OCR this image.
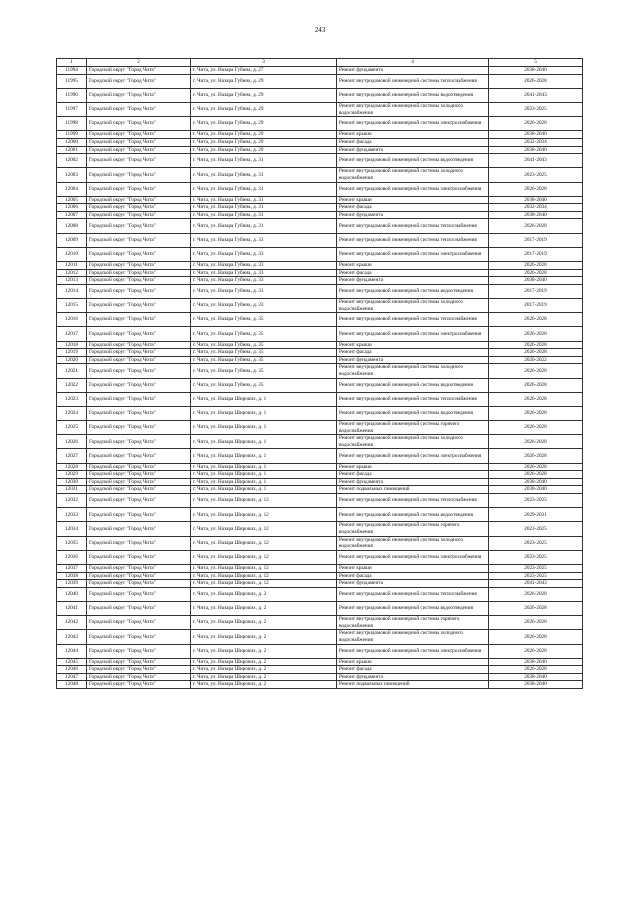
243
1	2	3	4	5
11994	Городской округ "Город Чита"	г. Чита, ул. Назара Губина, д. 27	Ремонт фундамента	2038-2040
11995	Городской округ "Город Чита"	г. Чита, ул. Назара Губина, д. 29	Ремонт внутридомовой инженерной системы теплоснабжения	2026-2028
11996	Городской округ "Город Чита"	г. Чита, ул. Назара Губина, д. 29	Ремонт внутридомовой инженерной системы водоотведения	2041-2043
11997	Городской округ "Город Чита"	г. Чита, ул. Назара Губина, д. 29	Ремонт внутридомовой инженерной системы холодного водоснабжения	2023-2025
11998	Городской округ "Город Чита"	г. Чита, ул. Назара Губина, д. 29	Ремонт внутридомовой инженерной системы электроснабжения	2026-2028
11999	Городской округ "Город Чита"	г. Чита, ул. Назара Губина, д. 29	Ремонт крыши	2038-2040
12000	Городской округ "Город Чита"	г. Чита, ул. Назара Губина, д. 29	Ремонт фасада	2032-2034
12001	Городской округ "Город Чита"	г. Чита, ул. Назара Губина, д. 29	Ремонт фундамента	2038-2040
12002	Городской округ "Город Чита"	г. Чита, ул. Назара Губина, д. 31	Ремонт внутридомовой инженерной системы водоотведения	2041-2043
12003	Городской округ "Город Чита"	г. Чита, ул. Назара Губина, д. 31	Ремонт внутридомовой инженерной системы холодного водоснабжения	2023-2025
12004	Городской округ "Город Чита"	г. Чита, ул. Назара Губина, д. 31	Ремонт внутридомовой инженерной системы электроснабжения	2026-2028
12005	Городской округ "Город Чита"	г. Чита, ул. Назара Губина, д. 31	Ремонт крыши	2038-2040
12006	Городской округ "Город Чита"	г. Чита, ул. Назара Губина, д. 31	Ремонт фасада	2032-2034
12007	Городской округ "Город Чита"	г. Чита, ул. Назара Губина, д. 31	Ремонт фундамента	2038-2040
12008	Городской округ "Город Чита"	г. Чита, ул. Назара Губина, д. 31	Ремонт внутридомовой инженерной системы теплоснабжения	2026-2028
12009	Городской округ "Город Чита"	г. Чита, ул. Назара Губина, д. 33	Ремонт внутридомовой инженерной системы теплоснабжения	2017-2019
12010	Городской округ "Город Чита"	г. Чита, ул. Назара Губина, д. 33	Ремонт внутридомовой инженерной системы электроснабжения	2017-2019
12011	Городской округ "Город Чита"	г. Чита, ул. Назара Губина, д. 33	Ремонт крыши	2026-2028
12012	Городской округ "Город Чита"	г. Чита, ул. Назара Губина, д. 33	Ремонт фасада	2026-2028
12013	Городской округ "Город Чита"	г. Чита, ул. Назара Губина, д. 33	Ремонт фундамента	2038-2040
12014	Городской округ "Город Чита"	г. Чита, ул. Назара Губина, д. 33	Ремонт внутридомовой инженерной системы водоотведения	2017-2019
12015	Городской округ "Город Чита"	г. Чита, ул. Назара Губина, д. 33	Ремонт внутридомовой инженерной системы холодного водоснабжения	2017-2019
12016	Городской округ "Город Чита"	г. Чита, ул. Назара Губина, д. 35	Ремонт внутридомовой инженерной системы теплоснабжения	2026-2028
12017	Городской округ "Город Чита"	г. Чита, ул. Назара Губина, д. 35	Ремонт внутридомовой инженерной системы электроснабжения	2026-2028
12018	Городской округ "Город Чита"	г. Чита, ул. Назара Губина, д. 35	Ремонт крыши	2026-2028
12019	Городской округ "Город Чита"	г. Чита, ул. Назара Губина, д. 35	Ремонт фасада	2026-2028
12020	Городской округ "Город Чита"	г. Чита, ул. Назара Губина, д. 35	Ремонт фундамента	2020-2022
12021	Городской округ "Город Чита"	г. Чита, ул. Назара Губина, д. 35	Ремонт внутридомовой инженерной системы холодного водоснабжения	2026-2028
12022	Городской округ "Город Чита"	г. Чита, ул. Назара Губина, д. 35	Ремонт внутридомовой инженерной системы водоотведения	2026-2028
12023	Городской округ "Город Чита"	г. Чита, ул. Назара Широких, д. 1	Ремонт внутридомовой инженерной системы теплоснабжения	2026-2028
12024	Городской округ "Город Чита"	г. Чита, ул. Назара Широких, д. 1	Ремонт внутридомовой инженерной системы водоотведения	2026-2028
12025	Городской округ "Город Чита"	г. Чита, ул. Назара Широких, д. 1	Ремонт внутридомовой инженерной системы горячего водоснабжения	2026-2028
12026	Городской округ "Город Чита"	г. Чита, ул. Назара Широких, д. 1	Ремонт внутридомовой инженерной системы холодного водоснабжения	2026-2028
12027	Городской округ "Город Чита"	г. Чита, ул. Назара Широких, д. 1	Ремонт внутридомовой инженерной системы электроснабжения	2026-2028
12028	Городской округ "Город Чита"	г. Чита, ул. Назара Широких, д. 1	Ремонт крыши	2026-2028
12029	Городской округ "Город Чита"	г. Чита, ул. Назара Широких, д. 1	Ремонт фасада	2026-2028
12030	Городской округ "Город Чита"	г. Чита, ул. Назара Широких, д. 1	Ремонт фундамента	2038-2040
12031	Городской округ "Город Чита"	г. Чита, ул. Назара Широких, д. 1	Ремонт подвальных помещений	2038-2040
12032	Городской округ "Город Чита"	г. Чита, ул. Назара Широких, д. 12	Ремонт внутридомовой инженерной системы теплоснабжения	2023-2025
12033	Городской округ "Город Чита"	г. Чита, ул. Назара Широких, д. 12	Ремонт внутридомовой инженерной системы водоотведения	2029-2031
12034	Городской округ "Город Чита"	г. Чита, ул. Назара Широких, д. 12	Ремонт внутридомовой инженерной системы горячего водоснабжения	2023-2025
12035	Городской округ "Город Чита"	г. Чита, ул. Назара Широких, д. 12	Ремонт внутридомовой инженерной системы холодного водоснабжения	2023-2025
12036	Городской округ "Город Чита"	г. Чита, ул. Назара Широких, д. 12	Ремонт внутридомовой инженерной системы электроснабжения	2023-2025
12037	Городской округ "Город Чита"	г. Чита, ул. Назара Широких, д. 12	Ремонт крыши	2023-2025
12038	Городской округ "Город Чита"	г. Чита, ул. Назара Широких, д. 12	Ремонт фасада	2023-2025
12039	Городской округ "Город Чита"	г. Чита, ул. Назара Широких, д. 12	Ремонт фундамента	2041-2043
12040	Городской округ "Город Чита"	г. Чита, ул. Назара Широких, д. 2	Ремонт внутридомовой инженерной системы теплоснабжения	2026-2028
12041	Городской округ "Город Чита"	г. Чита, ул. Назара Широких, д. 2	Ремонт внутридомовой инженерной системы водоотведения	2026-2028
12042	Городской округ "Город Чита"	г. Чита, ул. Назара Широких, д. 2	Ремонт внутридомовой инженерной системы горячего водоснабжения	2026-2028
12043	Городской округ "Город Чита"	г. Чита, ул. Назара Широких, д. 2	Ремонт внутридомовой инженерной системы холодного водоснабжения	2026-2028
12044	Городской округ "Город Чита"	г. Чита, ул. Назара Широких, д. 2	Ремонт внутридомовой инженерной системы электроснабжения	2026-2028
12045	Городской округ "Город Чита"	г. Чита, ул. Назара Широких, д. 2	Ремонт крыши	2038-2040
12046	Городской округ "Город Чита"	г. Чита, ул. Назара Широких, д. 2	Ремонт фасада	2026-2028
12047	Городской округ "Город Чита"	г. Чита, ул. Назара Широких, д. 2	Ремонт фундамента	2038-2040
12048	Городской округ "Город Чита"	г. Чита, ул. Назара Широких, д. 2	Ремонт подвальных помещений	2038-2040
